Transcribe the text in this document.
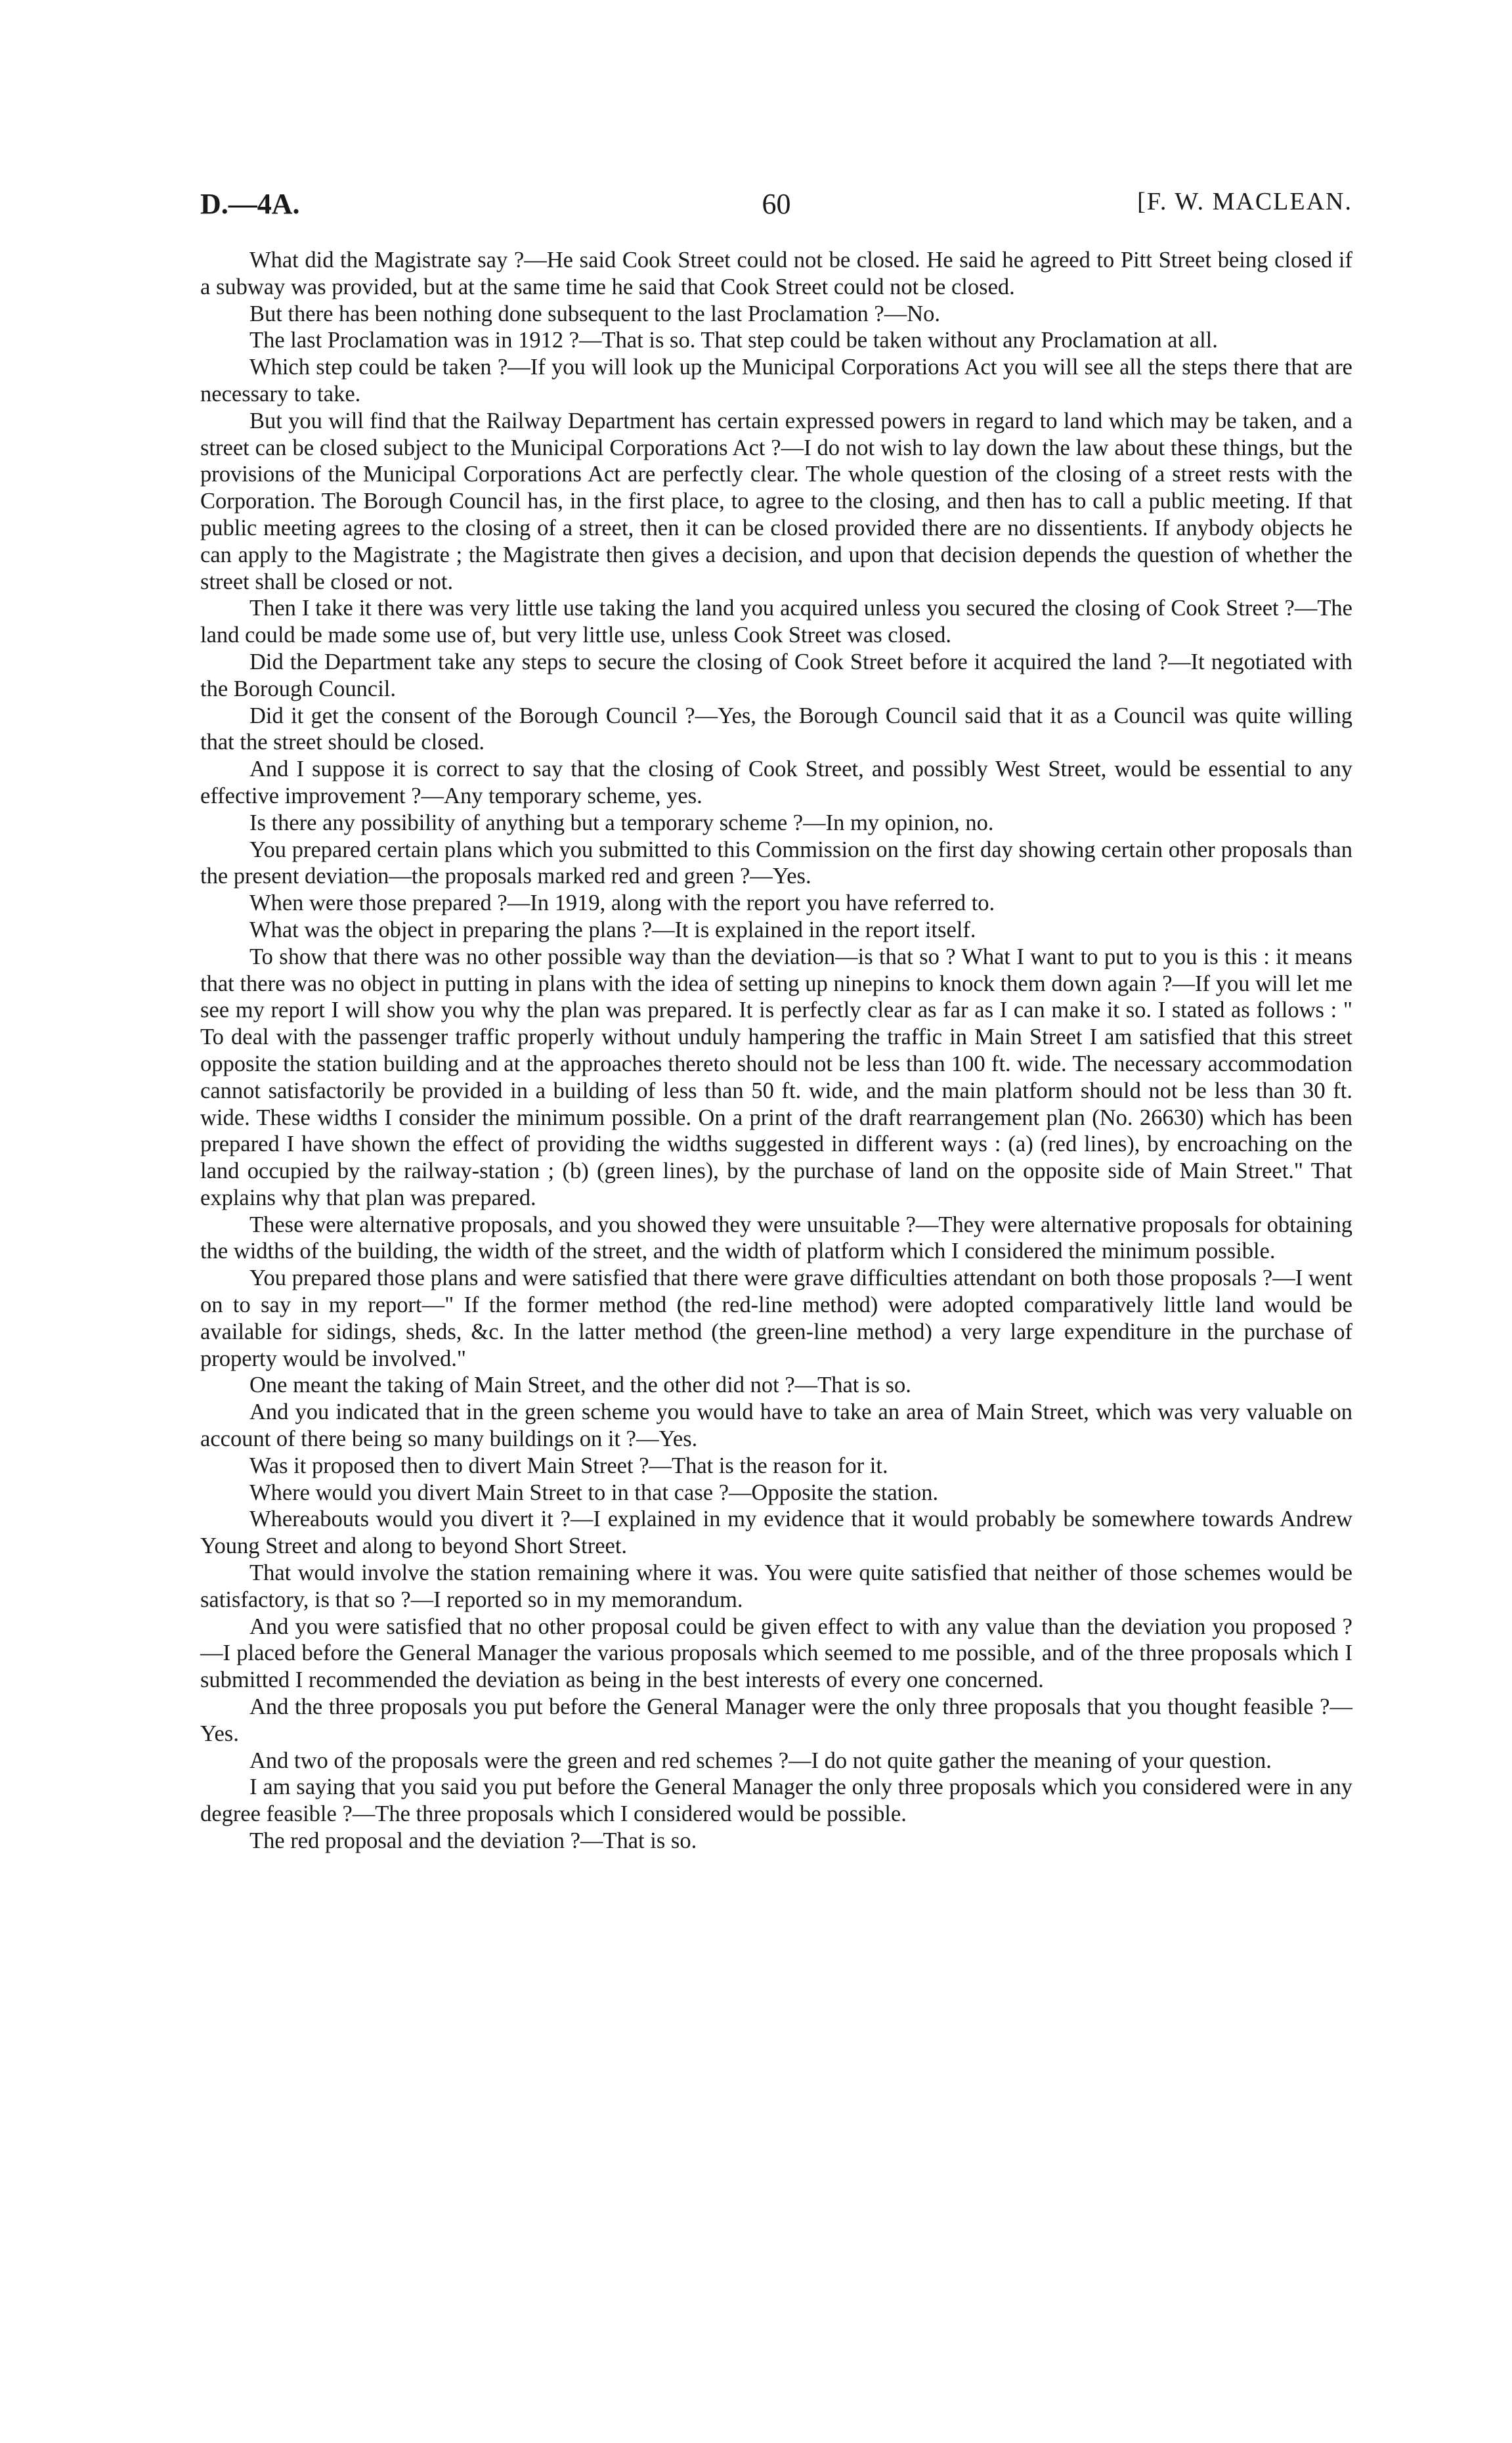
D.—4A.	60	[F. W. MACLEAN.

What did the Magistrate say ?—He said Cook Street could not be closed. He said he agreed to Pitt Street being closed if a subway was provided, but at the same time he said that Cook Street could not be closed.

But there has been nothing done subsequent to the last Proclamation ?—No.

The last Proclamation was in 1912 ?—That is so. That step could be taken without any Proclamation at all.

Which step could be taken ?—If you will look up the Municipal Corporations Act you will see all the steps there that are necessary to take.

But you will find that the Railway Department has certain expressed powers in regard to land which may be taken, and a street can be closed subject to the Municipal Corporations Act ?—I do not wish to lay down the law about these things, but the provisions of the Municipal Corporations Act are perfectly clear. The whole question of the closing of a street rests with the Corporation. The Borough Council has, in the first place, to agree to the closing, and then has to call a public meeting. If that public meeting agrees to the closing of a street, then it can be closed provided there are no dissentients. If anybody objects he can apply to the Magistrate ; the Magistrate then gives a decision, and upon that decision depends the question of whether the street shall be closed or not.

Then I take it there was very little use taking the land you acquired unless you secured the closing of Cook Street ?—The land could be made some use of, but very little use, unless Cook Street was closed.

Did the Department take any steps to secure the closing of Cook Street before it acquired the land ?—It negotiated with the Borough Council.

Did it get the consent of the Borough Council ?—Yes, the Borough Council said that it as a Council was quite willing that the street should be closed.

And I suppose it is correct to say that the closing of Cook Street, and possibly West Street, would be essential to any effective improvement ?—Any temporary scheme, yes.

Is there any possibility of anything but a temporary scheme ?—In my opinion, no.

You prepared certain plans which you submitted to this Commission on the first day showing certain other proposals than the present deviation—the proposals marked red and green ?—Yes.

When were those prepared ?—In 1919, along with the report you have referred to.

What was the object in preparing the plans ?—It is explained in the report itself.

To show that there was no other possible way than the deviation—is that so ? What I want to put to you is this : it means that there was no object in putting in plans with the idea of setting up ninepins to knock them down again ?—If you will let me see my report I will show you why the plan was prepared. It is perfectly clear as far as I can make it so. I stated as follows : " To deal with the passenger traffic properly without unduly hampering the traffic in Main Street I am satisfied that this street opposite the station building and at the approaches thereto should not be less than 100 ft. wide. The necessary accommodation cannot satisfactorily be provided in a building of less than 50 ft. wide, and the main platform should not be less than 30 ft. wide. These widths I consider the minimum possible. On a print of the draft rearrangement plan (No. 26630) which has been prepared I have shown the effect of providing the widths suggested in different ways : (a) (red lines), by encroaching on the land occupied by the railway-station ; (b) (green lines), by the purchase of land on the opposite side of Main Street." That explains why that plan was prepared.

These were alternative proposals, and you showed they were unsuitable ?—They were alternative proposals for obtaining the widths of the building, the width of the street, and the width of platform which I considered the minimum possible.

You prepared those plans and were satisfied that there were grave difficulties attendant on both those proposals ?—I went on to say in my report—" If the former method (the red-line method) were adopted comparatively little land would be available for sidings, sheds, &c. In the latter method (the green-line method) a very large expenditure in the purchase of property would be involved."

One meant the taking of Main Street, and the other did not ?—That is so.

And you indicated that in the green scheme you would have to take an area of Main Street, which was very valuable on account of there being so many buildings on it ?—Yes.

Was it proposed then to divert Main Street ?—That is the reason for it.

Where would you divert Main Street to in that case ?—Opposite the station.

Whereabouts would you divert it ?—I explained in my evidence that it would probably be somewhere towards Andrew Young Street and along to beyond Short Street.

That would involve the station remaining where it was. You were quite satisfied that neither of those schemes would be satisfactory, is that so ?—I reported so in my memorandum.

And you were satisfied that no other proposal could be given effect to with any value than the deviation you proposed ?—I placed before the General Manager the various proposals which seemed to me possible, and of the three proposals which I submitted I recommended the deviation as being in the best interests of every one concerned.

And the three proposals you put before the General Manager were the only three proposals that you thought feasible ?—Yes.

And two of the proposals were the green and red schemes ?—I do not quite gather the meaning of your question.

I am saying that you said you put before the General Manager the only three proposals which you considered were in any degree feasible ?—The three proposals which I considered would be possible.

The red proposal and the deviation ?—That is so.
